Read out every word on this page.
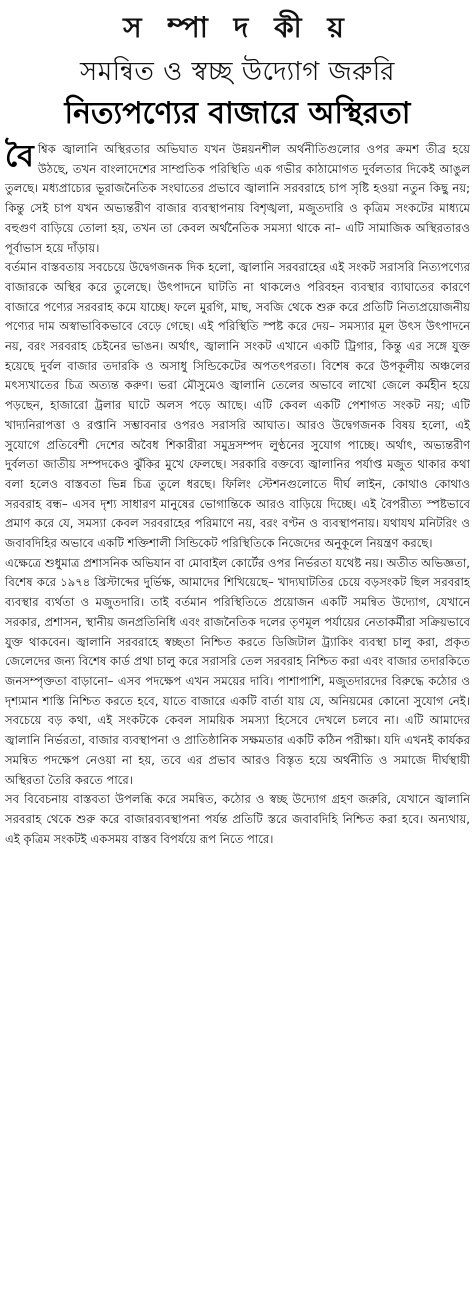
স ম্পা দ কী য়
সমন্বিত ও স্বচ্ছ উদ্যোগ জরুরি
নিত্যপণ্যের বাজারে অস্থিরতা

বৈশ্বিক জ্বালানি অস্থিরতার অভিঘাত যখন উন্নয়নশীল অর্থনীতিগুলোর ওপর ক্রমশ তীব্র হয়ে উঠছে, তখন বাংলাদেশের সাম্প্রতিক পরিস্থিতি এক গভীর কাঠামোগত দুর্বলতার দিকেই আঙুল তুলছে। মধ্যপ্রাচ্যের ভূরাজনৈতিক সংঘাতের প্রভাবে জ্বালানি সরবরাহে চাপ সৃষ্টি হওয়া নতুন কিছু নয়; কিন্তু সেই চাপ যখন অভ্যন্তরীণ বাজার ব্যবস্থাপনায় বিশৃঙ্খলা, মজুতদারি ও কৃত্রিম সংকটের মাধ্যমে বহুগুণ বাড়িয়ে তোলা হয়, তখন তা কেবল অর্থনৈতিক সমস্যা থাকে না– এটি সামাজিক অস্থিরতারও পূর্বাভাস হয়ে দাঁড়ায়।

বর্তমান বাস্তবতায় সবচেয়ে উদ্বেগজনক দিক হলো, জ্বালানি সরবরাহের এই সংকট সরাসরি নিত্যপণ্যের বাজারকে অস্থির করে তুলেছে। উৎপাদনে ঘাটতি না থাকলেও পরিবহন ব্যবস্থার ব্যাঘাতের কারণে বাজারে পণ্যের সরবরাহ কমে যাচ্ছে। ফলে মুরগি, মাছ, সবজি থেকে শুরু করে প্রতিটি নিত্যপ্রয়োজনীয় পণ্যের দাম অস্বাভাবিকভাবে বেড়ে গেছে। এই পরিস্থিতি স্পষ্ট করে দেয়– সমস্যার মূল উৎস উৎপাদনে নয়, বরং সরবরাহ চেইনের ভাঙন। অর্থাৎ, জ্বালানি সংকট এখানে একটি ট্রিগার, কিন্তু এর সঙ্গে যুক্ত হয়েছে দুর্বল বাজার তদারকি ও অসাধু সিন্ডিকেটের অপতৎপরতা। বিশেষ করে উপকূলীয় অঞ্চলের মৎস্যখাতের চিত্র অত্যন্ত করুণ। ভরা মৌসুমেও জ্বালানি তেলের অভাবে লাখো জেলে কর্মহীন হয়ে পড়ছেন, হাজারো ট্রলার ঘাটে অলস পড়ে আছে। এটি কেবল একটি পেশাগত সংকট নয়; এটি খাদ্যনিরাপত্তা ও রপ্তানি সম্ভাবনার ওপরও সরাসরি আঘাত। আরও উদ্বেগজনক বিষয় হলো, এই সুযোগে প্রতিবেশী দেশের অবৈধ শিকারীরা সমুদ্রসম্পদ লুণ্ঠনের সুযোগ পাচ্ছে। অর্থাৎ, অভ্যন্তরীণ দুর্বলতা জাতীয় সম্পদকেও ঝুঁকির মুখে ফেলছে। সরকারি বক্তব্যে জ্বালানির পর্যাপ্ত মজুত থাকার কথা বলা হলেও বাস্তবতা ভিন্ন চিত্র তুলে ধরছে। ফিলিং স্টেশনগুলোতে দীর্ঘ লাইন, কোথাও কোথাও সরবরাহ বন্ধ– এসব দৃশ্য সাধারণ মানুষের ভোগান্তিকে আরও বাড়িয়ে দিচ্ছে। এই বৈপরীত্য স্পষ্টভাবে প্রমাণ করে যে, সমস্যা কেবল সরবরাহের পরিমাণে নয়, বরং বণ্টন ও ব্যবস্থাপনায়। যথাযথ মনিটরিং ও জবাবদিহির অভাবে একটি শক্তিশালী সিন্ডিকেট পরিস্থিতিকে নিজেদের অনুকূলে নিয়ন্ত্রণ করছে।

এক্ষেত্রে শুধুমাত্র প্রশাসনিক অভিযান বা মোবাইল কোর্টের ওপর নির্ভরতা যথেষ্ট নয়। অতীত অভিজ্ঞতা, বিশেষ করে ১৯৭৪ খ্রিস্টাব্দের দুর্ভিক্ষ, আমাদের শিখিয়েছে– খাদ্যঘাটতির চেয়ে বড়সংকট ছিল সরবরাহ ব্যবস্থার ব্যর্থতা ও মজুতদারি। তাই বর্তমান পরিস্থিতিতে প্রয়োজন একটি সমন্বিত উদ্যোগ, যেখানে সরকার, প্রশাসন, স্থানীয় জনপ্রতিনিধি এবং রাজনৈতিক দলের তৃণমূল পর্যায়ের নেতাকর্মীরা সক্রিয়ভাবে যুক্ত থাকবেন। জ্বালানি সরবরাহে স্বচ্ছতা নিশ্চিত করতে ডিজিটাল ট্র্যাকিং ব্যবস্থা চালু করা, প্রকৃত জেলেদের জন্য বিশেষ কার্ড প্রথা চালু করে সরাসরি তেল সরবরাহ নিশ্চিত করা এবং বাজার তদারকিতে জনসম্পৃক্ততা বাড়ানো– এসব পদক্ষেপ এখন সময়ের দাবি। পাশাপাশি, মজুতদারদের বিরুদ্ধে কঠোর ও দৃশ্যমান শাস্তি নিশ্চিত করতে হবে, যাতে বাজারে একটি বার্তা যায় যে, অনিয়মের কোনো সুযোগ নেই। সবচেয়ে বড় কথা, এই সংকটকে কেবল সাময়িক সমস্যা হিসেবে দেখলে চলবে না। এটি আমাদের জ্বালানি নির্ভরতা, বাজার ব্যবস্থাপনা ও প্রাতিষ্ঠানিক সক্ষমতার একটি কঠিন পরীক্ষা। যদি এখনই কার্যকর সমন্বিত পদক্ষেপ নেওয়া না হয়, তবে এর প্রভাব আরও বিস্তৃত হয়ে অর্থনীতি ও সমাজে দীর্ঘস্থায়ী অস্থিরতা তৈরি করতে পারে।

সব বিবেচনায় বাস্তবতা উপলব্ধি করে সমন্বিত, কঠোর ও স্বচ্ছ উদ্যোগ গ্রহণ জরুরি, যেখানে জ্বালানি সরবরাহ থেকে শুরু করে বাজারব্যবস্থাপনা পর্যন্ত প্রতিটি স্তরে জবাবদিহি নিশ্চিত করা হবে। অন্যথায়, এই কৃত্রিম সংকটই একসময় বাস্তব বিপর্যয়ে রূপ নিতে পারে।
